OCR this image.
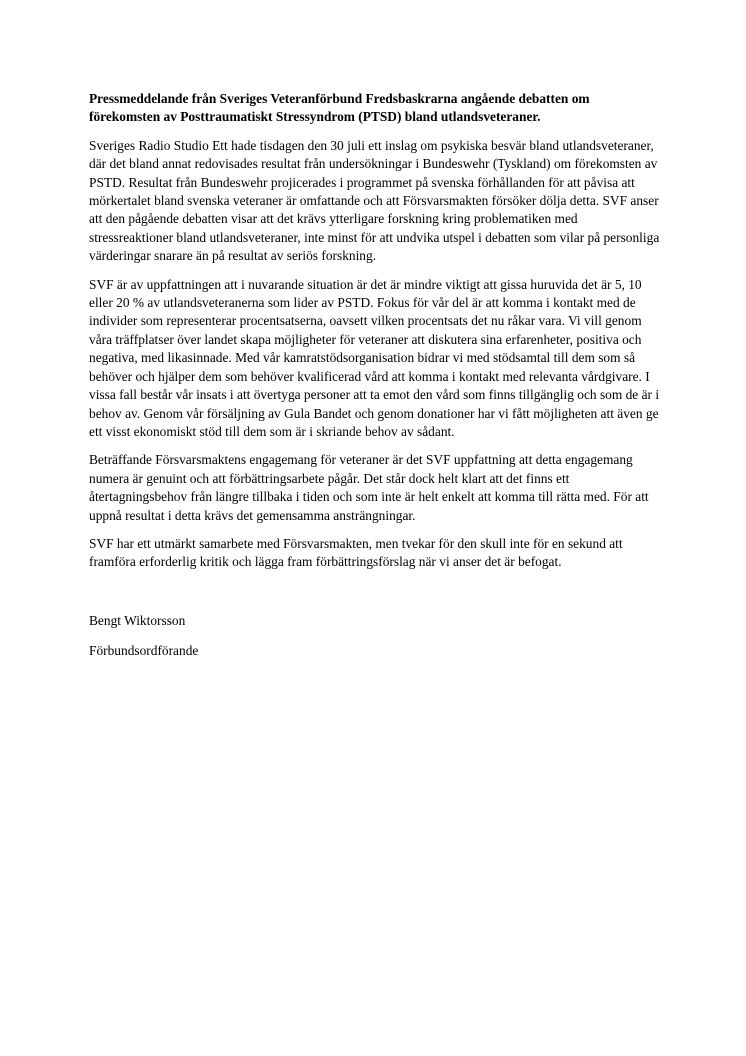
Pressmeddelande från Sveriges Veteranförbund Fredsbaskrarna angående debatten om förekomsten av Posttraumatiskt Stressyndrom (PTSD) bland utlandsveteraner.

Sveriges Radio Studio Ett hade tisdagen den 30 juli ett inslag om psykiska besvär bland utlandsveteraner, där det bland annat redovisades resultat från undersökningar i Bundeswehr (Tyskland) om förekomsten av PSTD. Resultat från Bundeswehr projicerades i programmet på svenska förhållanden för att påvisa att mörkertalet bland svenska veteraner är omfattande och att Försvarsmakten försöker dölja detta. SVF anser att den pågående debatten visar att det krävs ytterligare forskning kring problematiken med stressreaktioner bland utlandsveteraner, inte minst för att undvika utspel i debatten som vilar på personliga värderingar snarare än på resultat av seriös forskning.

SVF är av uppfattningen att i nuvarande situation är det är mindre viktigt att gissa huruvida det är 5, 10 eller 20 % av utlandsveteranerna som lider av PSTD. Fokus för vår del är att komma i kontakt med de individer som representerar procentsatserna, oavsett vilken procentsats det nu råkar vara. Vi vill genom våra träffplatser över landet skapa möjligheter för veteraner att diskutera sina erfarenheter, positiva och negativa, med likasinnade. Med vår kamratstödsorganisation bidrar vi med stödsamtal till dem som så behöver och hjälper dem som behöver kvalificerad vård att komma i kontakt med relevanta vårdgivare. I vissa fall består vår insats i att övertyga personer att ta emot den vård som finns tillgänglig och som de är i behov av. Genom vår försäljning av Gula Bandet och genom donationer har vi fått möjligheten att även ge ett visst ekonomiskt stöd till dem som är i skriande behov av sådant.

Beträffande Försvarsmaktens engagemang för veteraner är det SVF uppfattning att detta engagemang numera är genuint och att förbättringsarbete pågår. Det står dock helt klart att det finns ett återtagningsbehov från längre tillbaka i tiden och som inte är helt enkelt att komma till rätta med. För att uppnå resultat i detta krävs det gemensamma ansträngningar.

SVF har ett utmärkt samarbete med Försvarsmakten, men tvekar för den skull inte för en sekund att framföra erforderlig kritik och lägga fram förbättringsförslag när vi anser det är befogat.

Bengt Wiktorsson

Förbundsordförande
